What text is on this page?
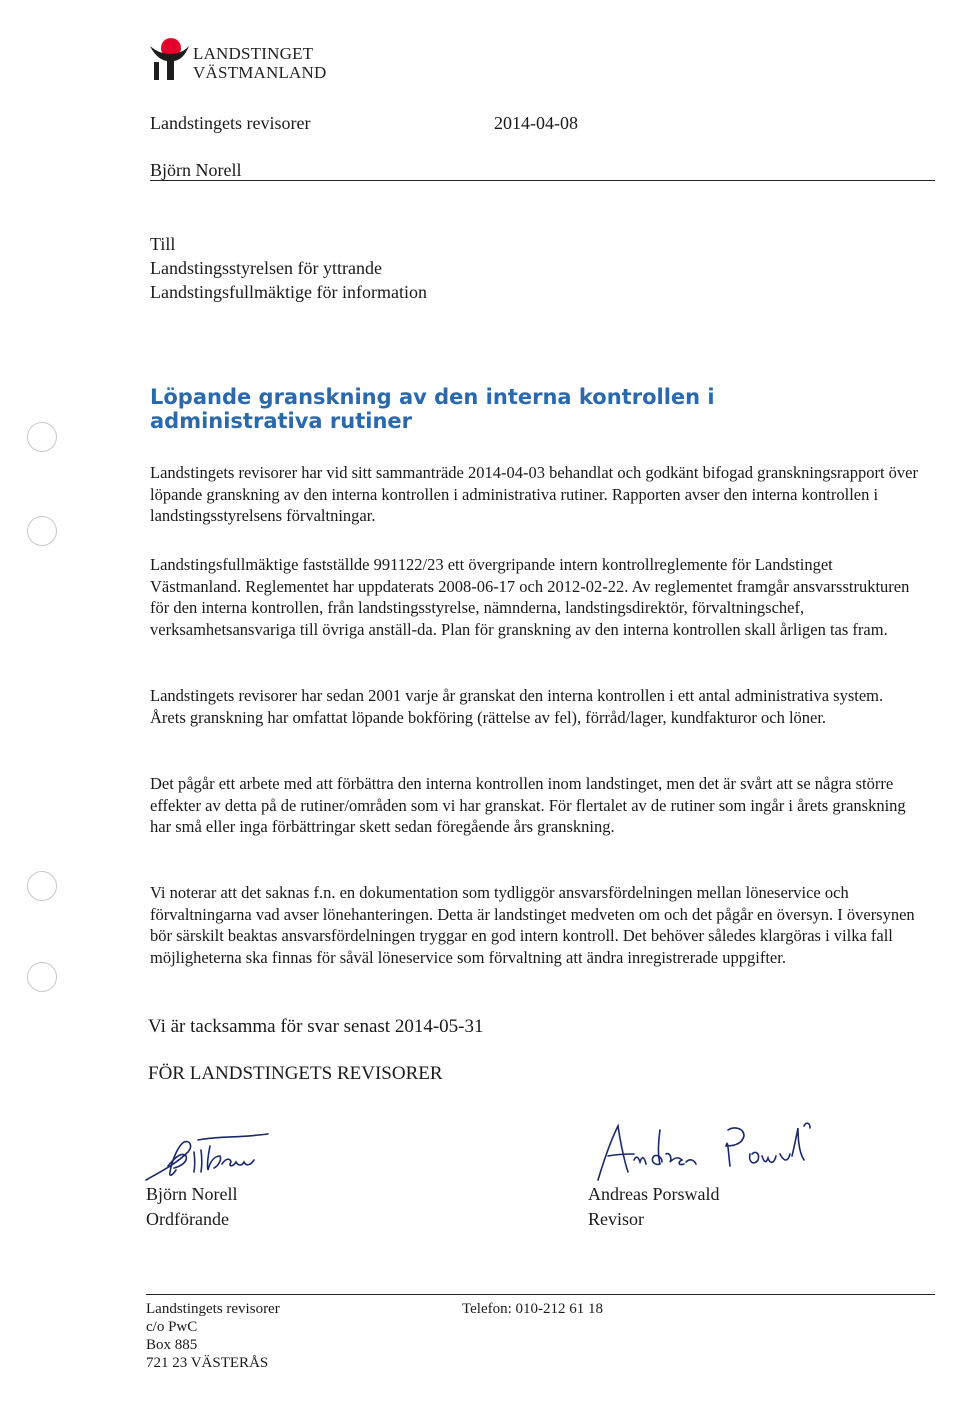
LANDSTINGET
VÄSTMANLAND
Landstingets revisorer	2014-04-08
Björn Norell
Till
Landstingsstyrelsen för yttrande
Landstingsfullmäktige för information
Löpande granskning av den interna kontrollen i administrativa rutiner
Landstingets revisorer har vid sitt sammanträde 2014-04-03 behandlat och godkänt bifogad granskningsrapport över löpande granskning av den interna kontrollen i administrativa rutiner. Rapporten avser den interna kontrollen i landstingsstyrelsens förvaltningar.
Landstingsfullmäktige fastställde 991122/23 ett övergripande intern kontrollreglemente för Landstinget Västmanland. Reglementet har uppdaterats 2008-06-17 och 2012-02-22. Av reglementet framgår ansvarsstrukturen för den interna kontrollen, från landstingsstyrelse, nämnderna, landstingsdirektör, förvaltningschef, verksamhetsansvariga till övriga anställ-da. Plan för granskning av den interna kontrollen skall årligen tas fram.
Landstingets revisorer har sedan 2001 varje år granskat den interna kontrollen i ett antal administrativa system. Årets granskning har omfattat löpande bokföring (rättelse av fel), förråd/lager, kundfakturor och löner.
Det pågår ett arbete med att förbättra den interna kontrollen inom landstinget, men det är svårt att se några större effekter av detta på de rutiner/områden som vi har granskat. För flertalet av de rutiner som ingår i årets granskning har små eller inga förbättringar skett sedan föregående års granskning.
Vi noterar att det saknas f.n. en dokumentation som tydliggör ansvarsfördelningen mellan löneservice och förvaltningarna vad avser lönehanteringen. Detta är landstinget medveten om och det pågår en översyn. I översynen bör särskilt beaktas ansvarsfördelningen tryggar en god intern kontroll. Det behöver således klargöras i vilka fall möjligheterna ska finnas för såväl löneservice som förvaltning att ändra inregistrerade uppgifter.
Vi är tacksamma för svar senast 2014-05-31
FÖR LANDSTINGETS REVISORER
Björn Norell
Ordförande
Andreas Porswald
Revisor
Landstingets revisorer
c/o PwC
Box 885
721 23 VÄSTERÅS
Telefon: 010-212 61 18
